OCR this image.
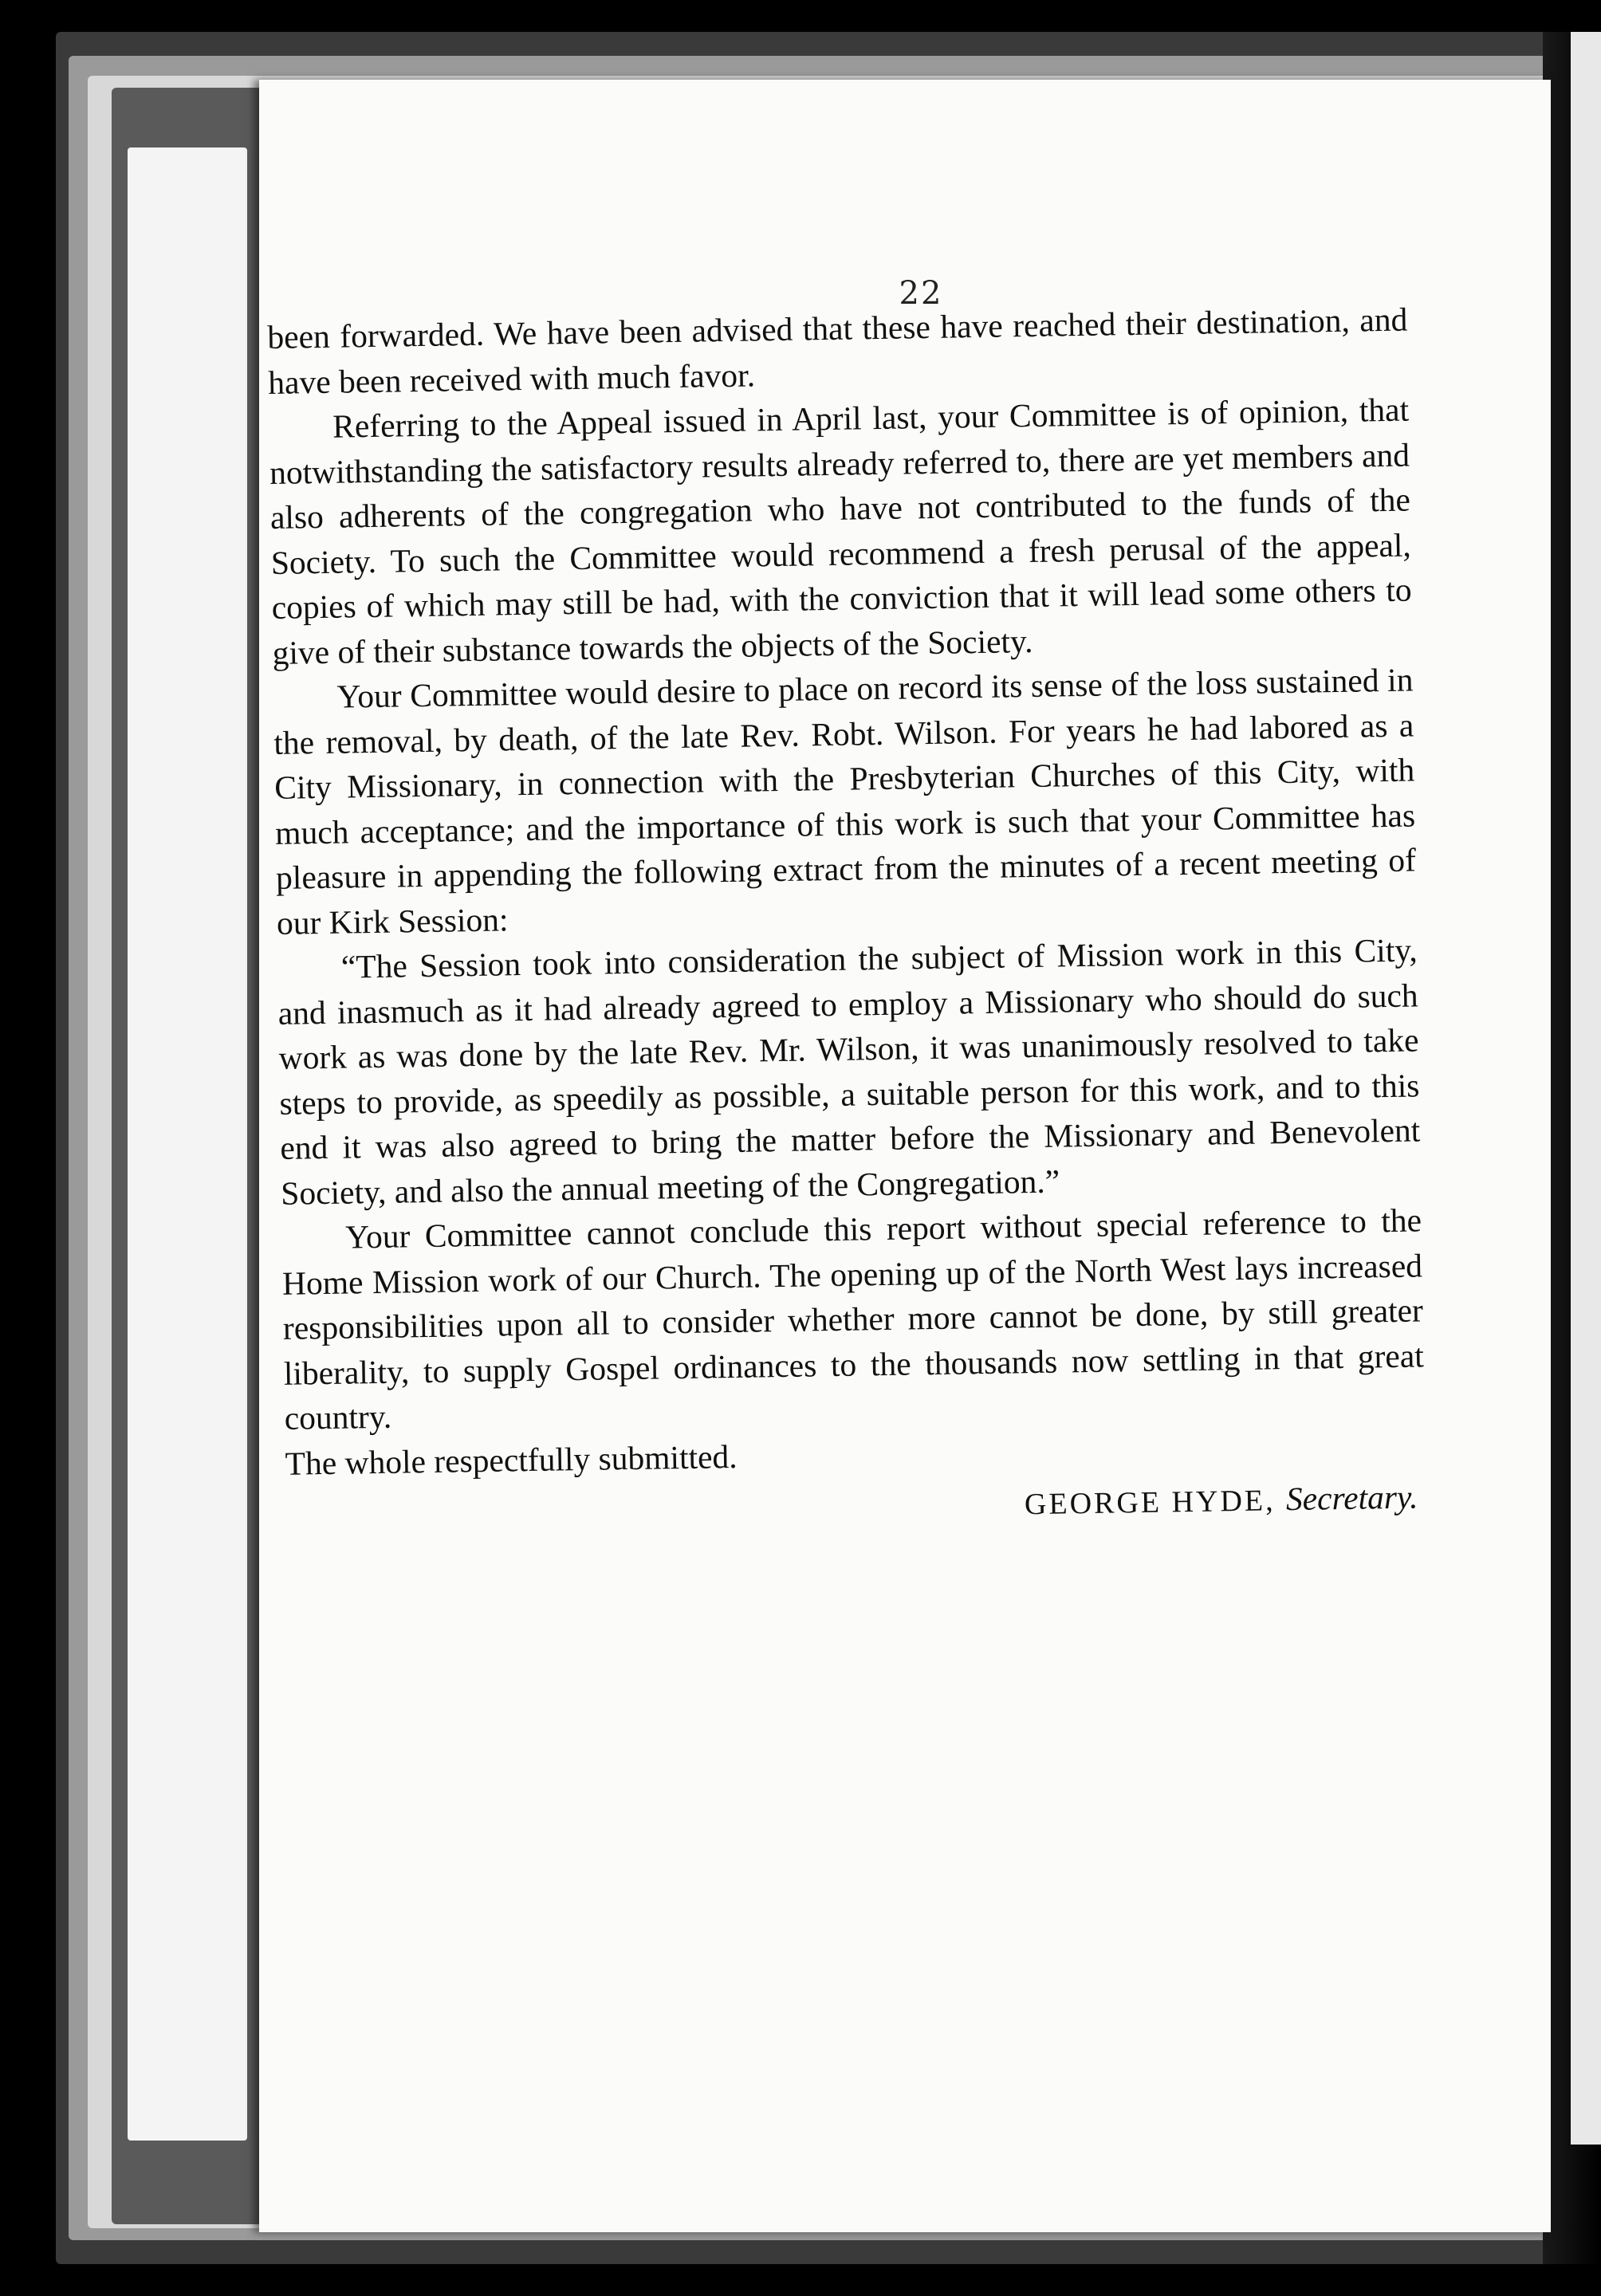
22

been forwarded. We have been advised that these have reached their destination, and have been received with much favor.

Referring to the Appeal issued in April last, your Committee is of opinion, that notwithstanding the satisfactory results already referred to, there are yet members and also adherents of the congregation who have not contributed to the funds of the Society. To such the Committee would recommend a fresh perusal of the appeal, copies of which may still be had, with the conviction that it will lead some others to give of their substance towards the objects of the Society.

Your Committee would desire to place on record its sense of the loss sustained in the removal, by death, of the late Rev. Robt. Wilson. For years he had labored as a City Missionary, in connection with the Presbyterian Churches of this City, with much acceptance; and the importance of this work is such that your Committee has pleasure in appending the following extract from the minutes of a recent meeting of our Kirk Session:

“The Session took into consideration the subject of Mission work in this City, and inasmuch as it had already agreed to employ a Missionary who should do such work as was done by the late Rev. Mr. Wilson, it was unanimously resolved to take steps to provide, as speedily as possible, a suitable person for this work, and to this end it was also agreed to bring the matter before the Missionary and Benevolent Society, and also the annual meeting of the Congregation.”

Your Committee cannot conclude this report without special reference to the Home Mission work of our Church. The opening up of the North West lays increased responsibilities upon all to consider whether more cannot be done, by still greater liberality, to supply Gospel ordinances to the thousands now settling in that great country.

The whole respectfully submitted.

GEORGE HYDE, Secretary.
